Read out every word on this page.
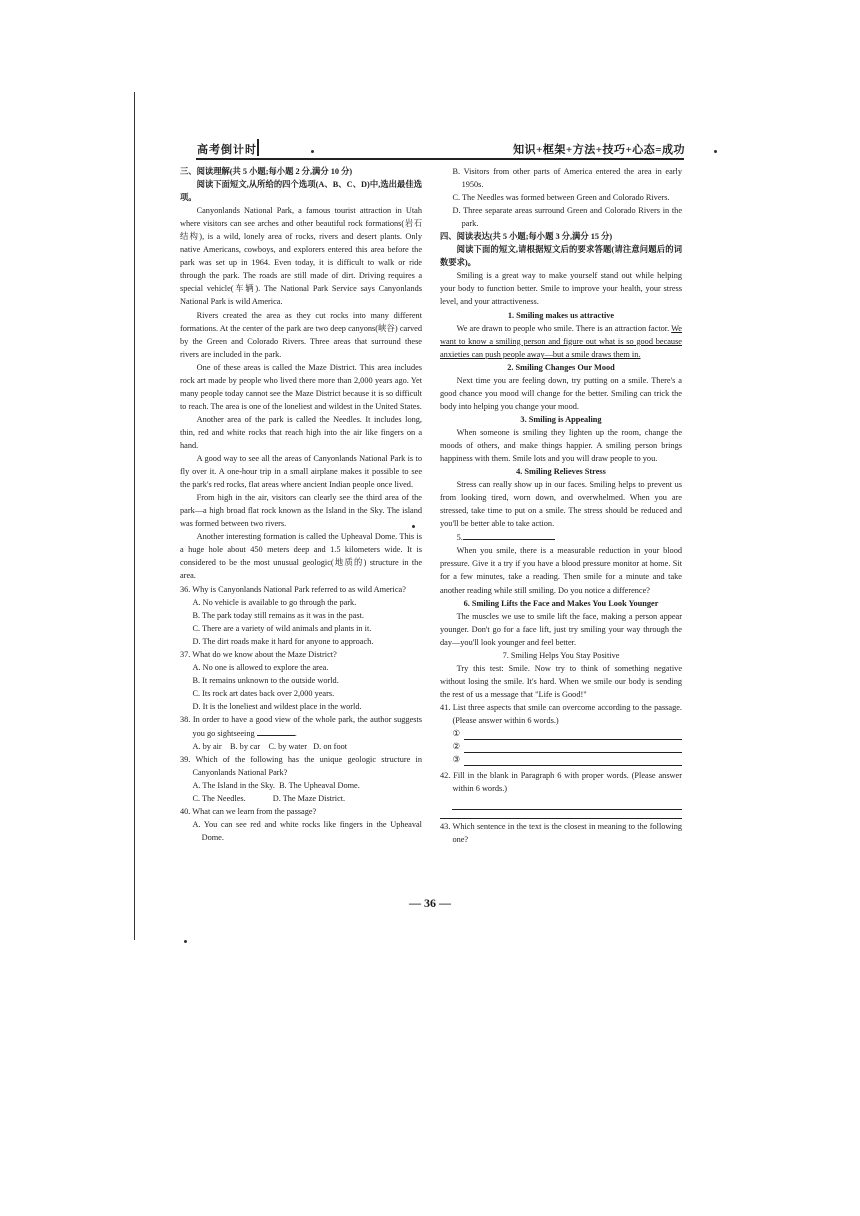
高考倒计时	知识+框架+方法+技巧+心态=成功

三、阅读理解(共 5 小题;每小题 2 分,满分 10 分)

阅读下面短文,从所给的四个选项(A、B、C、D)中,选出最佳选项。

Canyonlands National Park, a famous tourist attraction in Utah where visitors can see arches and other beautiful rock formations(岩石结构), is a wild, lonely area of rocks, rivers and desert plants. Only native Americans, cowboys, and explorers entered this area before the park was set up in 1964. Even today, it is difficult to walk or ride through the park. The roads are still made of dirt. Driving requires a special vehicle(车辆). The National Park Service says Canyonlands National Park is wild America.

Rivers created the area as they cut rocks into many different formations. At the center of the park are two deep canyons(峡谷) carved by the Green and Colorado Rivers. Three areas that surround these rivers are included in the park.

One of these areas is called the Maze District. This area includes rock art made by people who lived there more than 2,000 years ago. Yet many people today cannot see the Maze District because it is so difficult to reach. The area is one of the loneliest and wildest in the United States.

Another area of the park is called the Needles. It includes long, thin, red and white rocks that reach high into the air like fingers on a hand.

A good way to see all the areas of Canyonlands National Park is to fly over it. A one-hour trip in a small airplane makes it possible to see the park's red rocks, flat areas where ancient Indian people once lived.

From high in the air, visitors can clearly see the third area of the park—a high broad flat rock known as the Island in the Sky. The island was formed between two rivers.

Another interesting formation is called the Upheaval Dome. This is a huge hole about 450 meters deep and 1.5 kilometers wide. It is considered to be the most unusual geologic(地质的) structure in the area.

36. Why is Canyonlands National Park referred to as wild America?

A. No vehicle is available to go through the park.

B. The park today still remains as it was in the past.

C. There are a variety of wild animals and plants in it.

D. The dirt roads make it hard for anyone to approach.

37. What do we know about the Maze District?

A. No one is allowed to explore the area.

B. It remains unknown to the outside world.

C. Its rock art dates back over 2,000 years.

D. It is the loneliest and wildest place in the world.

38. In order to have a good view of the whole park, the author suggests you go sightseeing	.

A. by air    B. by car    C. by water   D. on foot

39. Which of the following has the unique geologic structure in Canyonlands National Park?

A. The Island in the Sky.  B. The Upheaval Dome.

C. The Needles.             D. The Maze District.

40. What can we learn from the passage?

A. You can see red and white rocks like fingers in the Upheaval Dome.

B. Visitors from other parts of America entered the area in early 1950s.

C. The Needles was formed between Green and Colorado Rivers.

D. Three separate areas surround Green and Colorado Rivers in the park.

四、阅读表达(共 5 小题;每小题 3 分,满分 15 分)

阅读下面的短文,请根据短文后的要求答题(请注意问题后的词数要求)。

Smiling is a great way to make yourself stand out while helping your body to function better. Smile to improve your health, your stress level, and your attractiveness.

1. Smiling makes us attractive

We are drawn to people who smile. There is an attraction factor. We want to know a smiling person and figure out what is so good because anxieties can push people away—but a smile draws them in.

2. Smiling Changes Our Mood

Next time you are feeling down, try putting on a smile. There's a good chance you mood will change for the better. Smiling can trick the body into helping you change your mood.

3. Smiling is Appealing

When someone is smiling they lighten up the room, change the moods of others, and make things happier. A smiling person brings happiness with them. Smile lots and you will draw people to you.

4. Smiling Relieves Stress

Stress can really show up in our faces. Smiling helps to prevent us from looking tired, worn down, and overwhelmed. When you are stressed, take time to put on a smile. The stress should be reduced and you'll be better able to take action.

5.

When you smile, there is a measurable reduction in your blood pressure. Give it a try if you have a blood pressure monitor at home. Sit for a few minutes, take a reading. Then smile for a minute and take another reading while still smiling. Do you notice a difference?

6. Smiling Lifts the Face and Makes You Look Younger

The muscles we use to smile lift the face, making a person appear younger. Don't go for a face lift, just try smiling your way through the day—you'll look younger and feel better.

7. Smiling Helps You Stay Positive

Try this test: Smile. Now try to think of something negative without losing the smile. It's hard. When we smile our body is sending the rest of us a message that "Life is Good!"

41. List three aspects that smile can overcome according to the passage. (Please answer within 6 words.)

①
②
③

42. Fill in the blank in Paragraph 6 with proper words. (Please answer within 6 words.)

43. Which sentence in the text is the closest in meaning to the following one?

— 36 —
